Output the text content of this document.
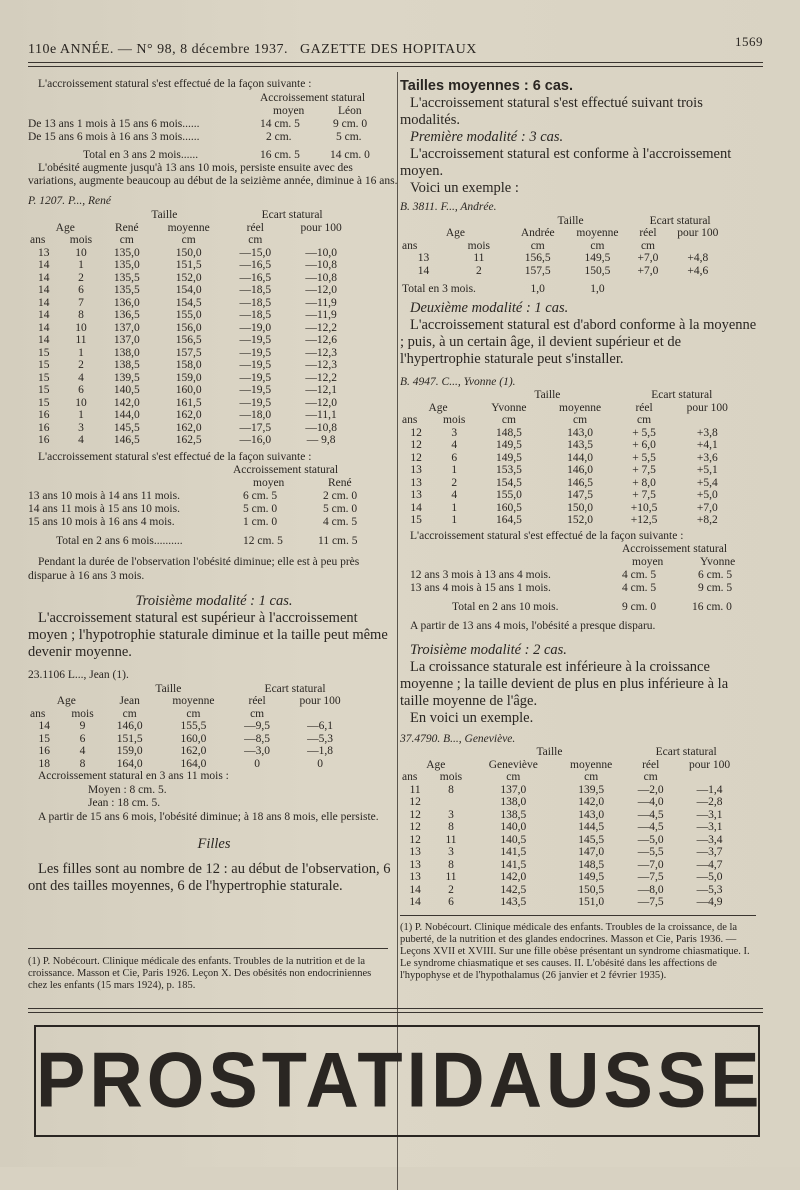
110e ANNÉE. — N° 98, 8 décembre 1937. GAZETTE DES HOPITAUX
1569

L'accroissement statural s'est effectué de la façon suivante :

Accroissement statural
moyen	Léon
De 13 ans 1 mois à 15 ans 6 mois......	14 cm. 5	9 cm. 0
De 15 ans 6 mois à 16 ans 3 mois......	2 cm.	5 cm.
Total en 3 ans 2 mois......	16 cm. 5	14 cm. 0

L'obésité augmente jusqu'à 13 ans 10 mois, persiste ensuite avec des variations, augmente beaucoup au début de la seizième année, diminue à 16 ans.

P. 1207. P..., René

		Taille		Ecart statural	
Age		René	moyenne	réel	pour 100
ans	mois	cm	cm	cm	
13	10	135,0	150,0	—15,0	—10,0
14	1	135,0	151,5	—16,5	—10,8
14	2	135,5	152,0	—16,5	—10,8
14	6	135,5	154,0	—18,5	—12,0
14	7	136,0	154,5	—18,5	—11,9
14	8	136,5	155,0	—18,5	—11,9
14	10	137,0	156,0	—19,0	—12,2
14	11	137,0	156,5	—19,5	—12,6
15	1	138,0	157,5	—19,5	—12,3
15	2	138,5	158,0	—19,5	—12,3
15	4	139,5	159,0	—19,5	—12,2
15	6	140,5	160,0	—19,5	—12,1
15	10	142,0	161,5	—19,5	—12,0
16	1	144,0	162,0	—18,0	—11,1
16	3	145,5	162,0	—17,5	—10,8
16	4	146,5	162,5	—16,0	— 9,8

L'accroissement statural s'est effectué de la façon suivante :

Accroissement statural
moyen	René
13 ans 10 mois à 14 ans 11 mois.	6 cm. 5	2 cm. 0
14 ans 11 mois à 15 ans 10 mois.	5 cm. 0	5 cm. 0
15 ans 10 mois à 16 ans 4 mois.	1 cm. 0	4 cm. 5
Total en 2 ans 6 mois..........	12 cm. 5	11 cm. 5

Pendant la durée de l'observation l'obésité diminue; elle est à peu près disparue à 16 ans 3 mois.

Troisième modalité : 1 cas.

L'accroissement statural est supérieur à l'accroissement moyen ; l'hypotrophie staturale diminue et la taille peut même devenir moyenne.

23.1106 L..., Jean (1).

		Taille		Ecart statural	
Age		Jean	moyenne	réel	pour 100
ans	mois	cm	cm	cm	
14	9	146,0	155,5	—9,5	—6,1
15	6	151,5	160,0	—8,5	—5,3
16	4	159,0	162,0	—3,0	—1,8
18	8	164,0	164,0	0	0

Accroissement statural en 3 ans 11 mois :

Moyen : 8 cm. 5.

Jean : 18 cm. 5.

A partir de 15 ans 6 mois, l'obésité diminue; à 18 ans 8 mois, elle persiste.

Filles

Les filles sont au nombre de 12 : au début de l'observation, 6 ont des tailles moyennes, 6 de l'hypertrophie staturale.

(1) P. Nobécourt. Clinique médicale des enfants. Troubles de la nutrition et de la croissance. Masson et Cie, Paris 1926. Leçon X. Des obésités non endocriniennes chez les enfants (15 mars 1924), p. 185.

Tailles moyennes : 6 cas.

L'accroissement statural s'est effectué suivant trois modalités.

Première modalité : 3 cas.

L'accroissement statural est conforme à l'accroissement moyen.

Voici un exemple :

B. 3811. F..., Andrée.

		Taille		Ecart statural	
Age		Andrée	moyenne	réel	pour 100
ans	mois	cm	cm	cm	
13	11	156,5	149,5	+7,0	+4,8
14	2	157,5	150,5	+7,0	+4,6
Total en 3 mois.		1,0	1,0		

Deuxième modalité : 1 cas.

L'accroissement statural est d'abord conforme à la moyenne ; puis, à un certain âge, il devient supérieur et de l'hypertrophie staturale peut s'installer.

B. 4947. C..., Yvonne (1).

		Taille		Ecart statural	
Age		Yvonne	moyenne	réel	pour 100
ans	mois	cm	cm	cm	
12	3	148,5	143,0	+ 5,5	+3,8
12	4	149,5	143,5	+ 6,0	+4,1
12	6	149,5	144,0	+ 5,5	+3,6
13	1	153,5	146,0	+ 7,5	+5,1
13	2	154,5	146,5	+ 8,0	+5,4
13	4	155,0	147,5	+ 7,5	+5,0
14	1	160,5	150,0	+10,5	+7,0
15	1	164,5	152,0	+12,5	+8,2

L'accroissement statural s'est effectué de la façon suivante :

Accroissement statural
moyen	Yvonne
12 ans 3 mois à 13 ans 4 mois.	4 cm. 5	6 cm. 5
13 ans 4 mois à 15 ans 1 mois.	4 cm. 5	9 cm. 5
Total en 2 ans 10 mois.	9 cm. 0	16 cm. 0

A partir de 13 ans 4 mois, l'obésité a presque disparu.

Troisième modalité : 2 cas.

La croissance staturale est inférieure à la croissance moyenne ; la taille devient de plus en plus inférieure à la taille moyenne de l'âge.

En voici un exemple.

37.4790. B..., Geneviève.

		Taille		Ecart statural	
Age		Geneviève	moyenne	réel	pour 100
ans	mois	cm	cm	cm	
11	8	137,0	139,5	—2,0	—1,4
12		138,0	142,0	—4,0	—2,8
12	3	138,5	143,0	—4,5	—3,1
12	8	140,0	144,5	—4,5	—3,1
12	11	140,5	145,5	—5,0	—3,4
13	3	141,5	147,0	—5,5	—3,7
13	8	141,5	148,5	—7,0	—4,7
13	11	142,0	149,5	—7,5	—5,0
14	2	142,5	150,5	—8,0	—5,3
14	6	143,5	151,0	—7,5	—4,9

(1) P. Nobécourt. Clinique médicale des enfants. Troubles de la croissance, de la puberté, de la nutrition et des glandes endocrines. Masson et Cie, Paris 1936. — Leçons XVII et XVIII. Sur une fille obèse présentant un syndrome chiasmatique. I. Le syndrome chiasmatique et ses causes. II. L'obésité dans les affections de l'hypophyse et de l'hypothalamus (26 janvier et 2 février 1935).

PROSTATIDAUSSE
